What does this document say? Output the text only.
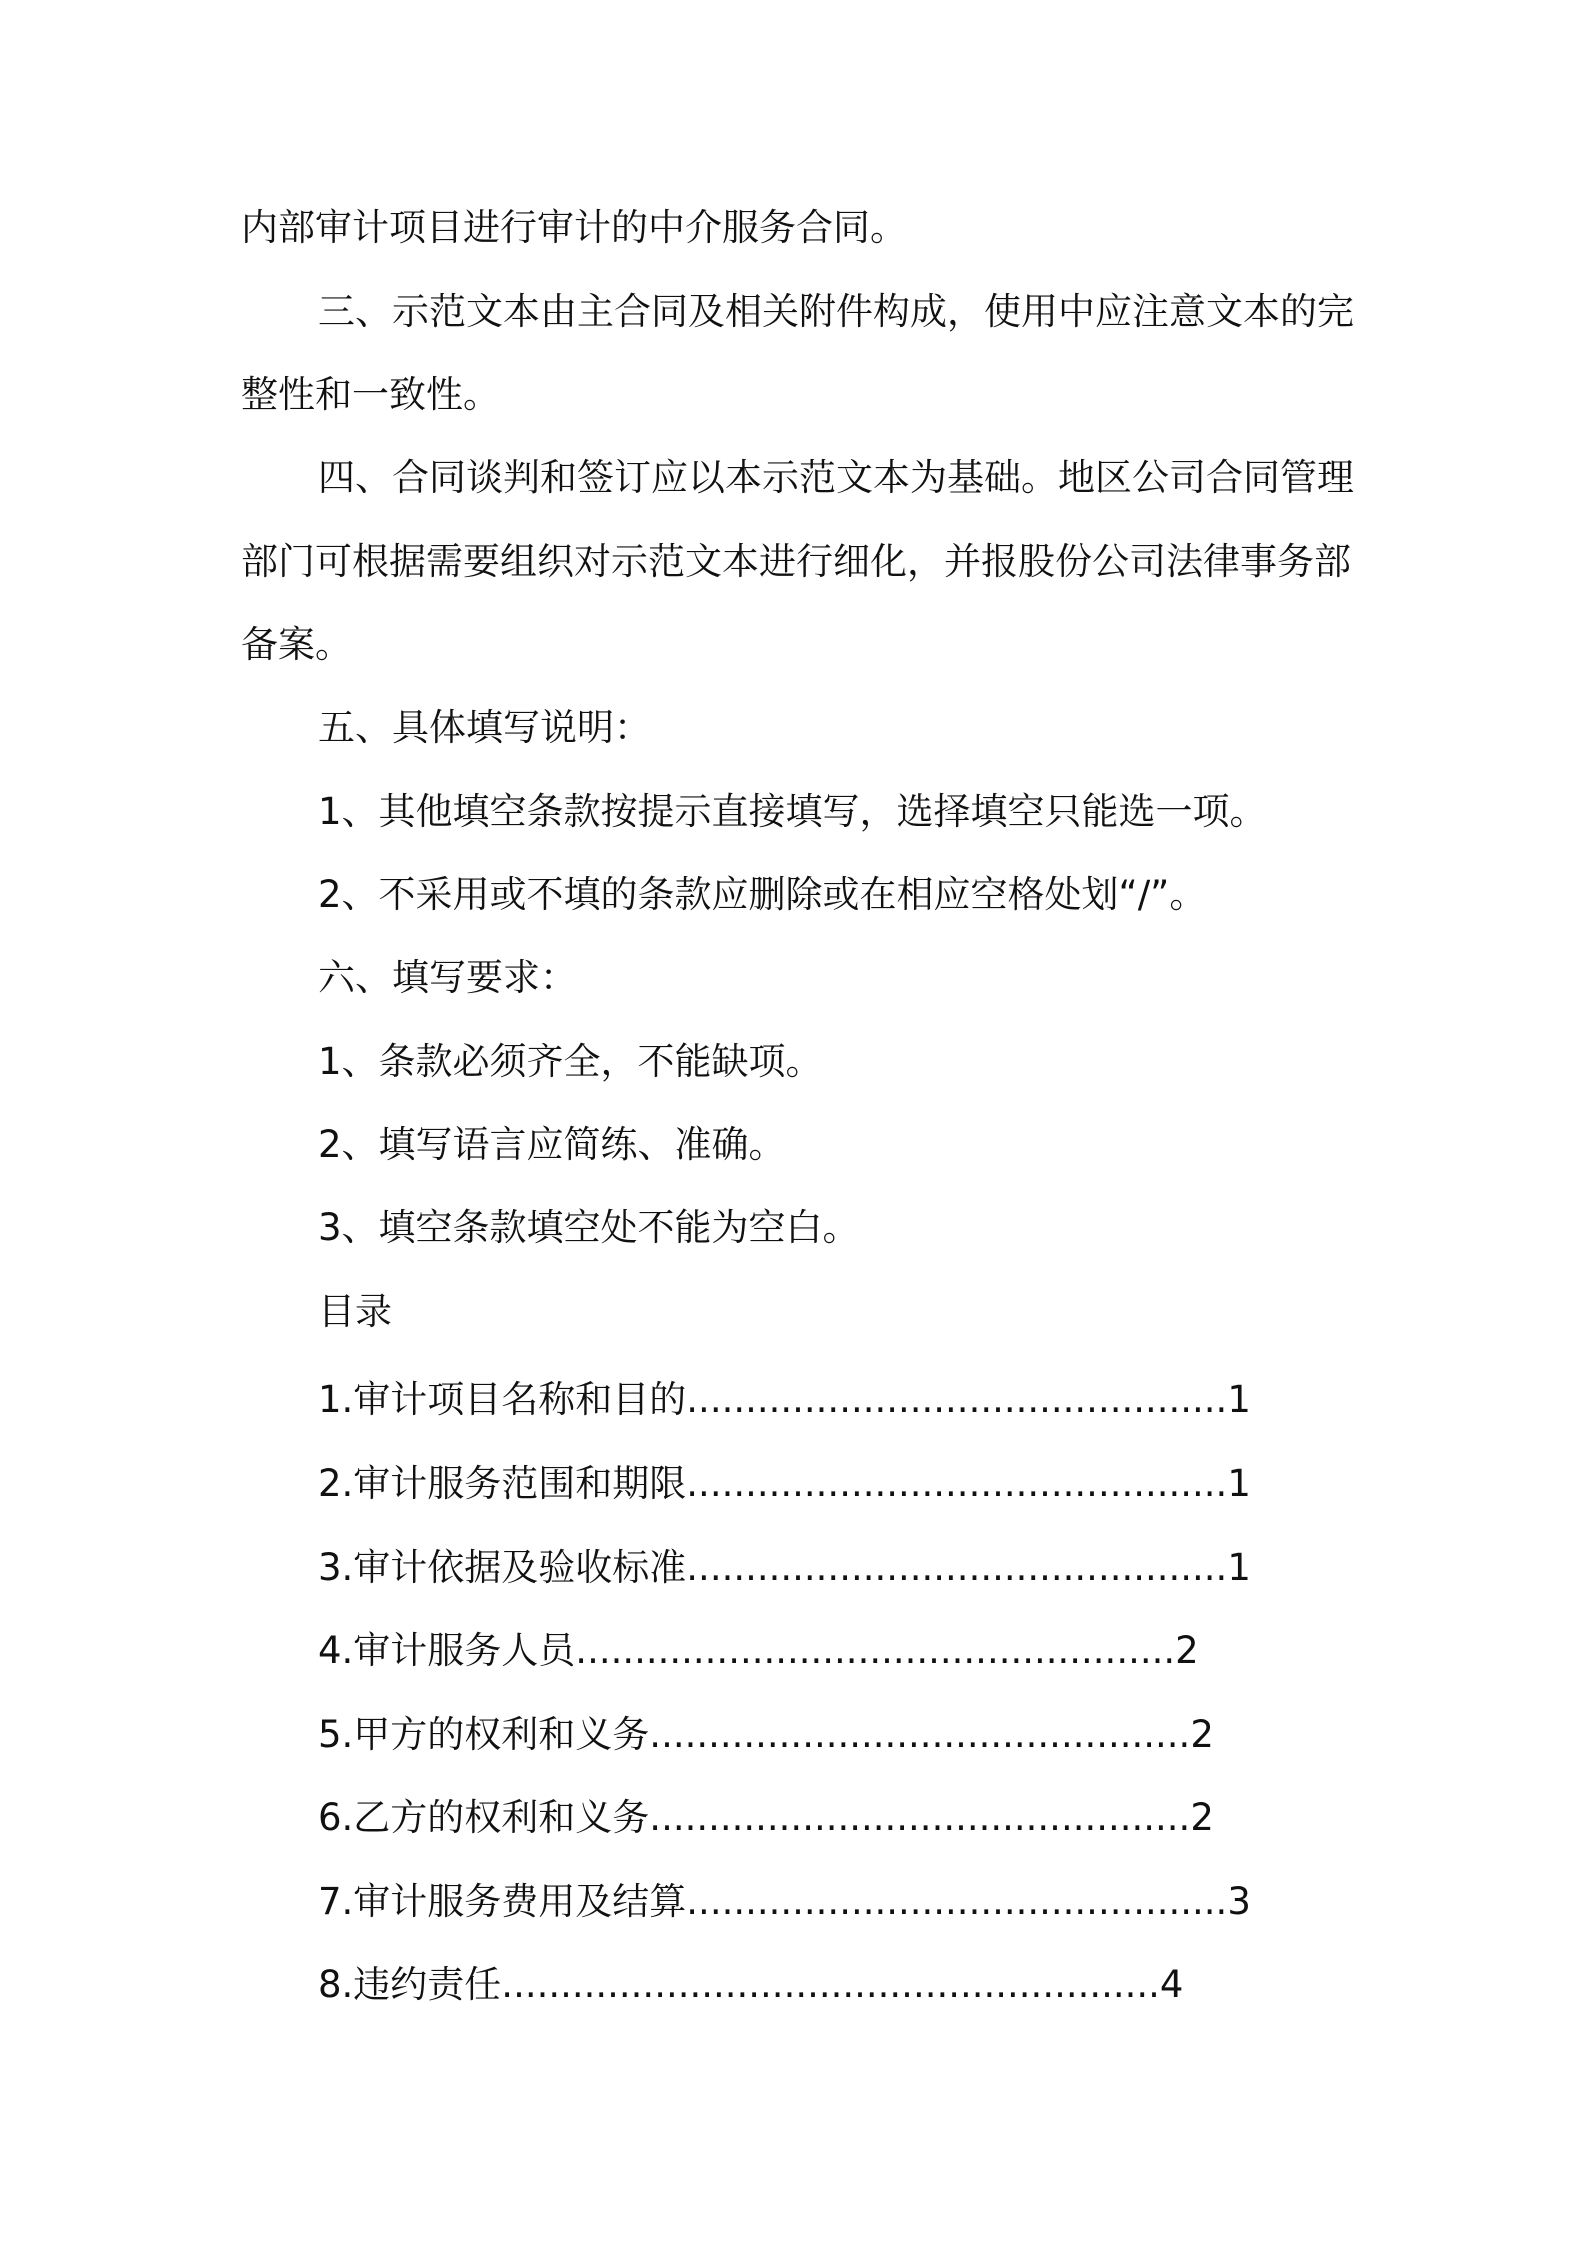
内部审计项目进行审计的中介服务合同。
三、示范文本由主合同及相关附件构成，使用中应注意文本的完
整性和一致性。
四、合同谈判和签订应以本示范文本为基础。地区公司合同管理
部门可根据需要组织对示范文本进行细化，并报股份公司法律事务部
备案。
五、具体填写说明：
1、其他填空条款按提示直接填写，选择填空只能选一项。
2、不采用或不填的条款应删除或在相应空格处划“/”。
六、填写要求：
1、条款必须齐全，不能缺项。
2、填写语言应简练、准确。
3、填空条款填空处不能为空白。
目录
1.审计项目名称和目的..............................................1
2.审计服务范围和期限..............................................1
3.审计依据及验收标准..............................................1
4.审计服务人员...................................................2
5.甲方的权利和义务..............................................2
6.乙方的权利和义务..............................................2
7.审计服务费用及结算..............................................3
8.违约责任........................................................4
